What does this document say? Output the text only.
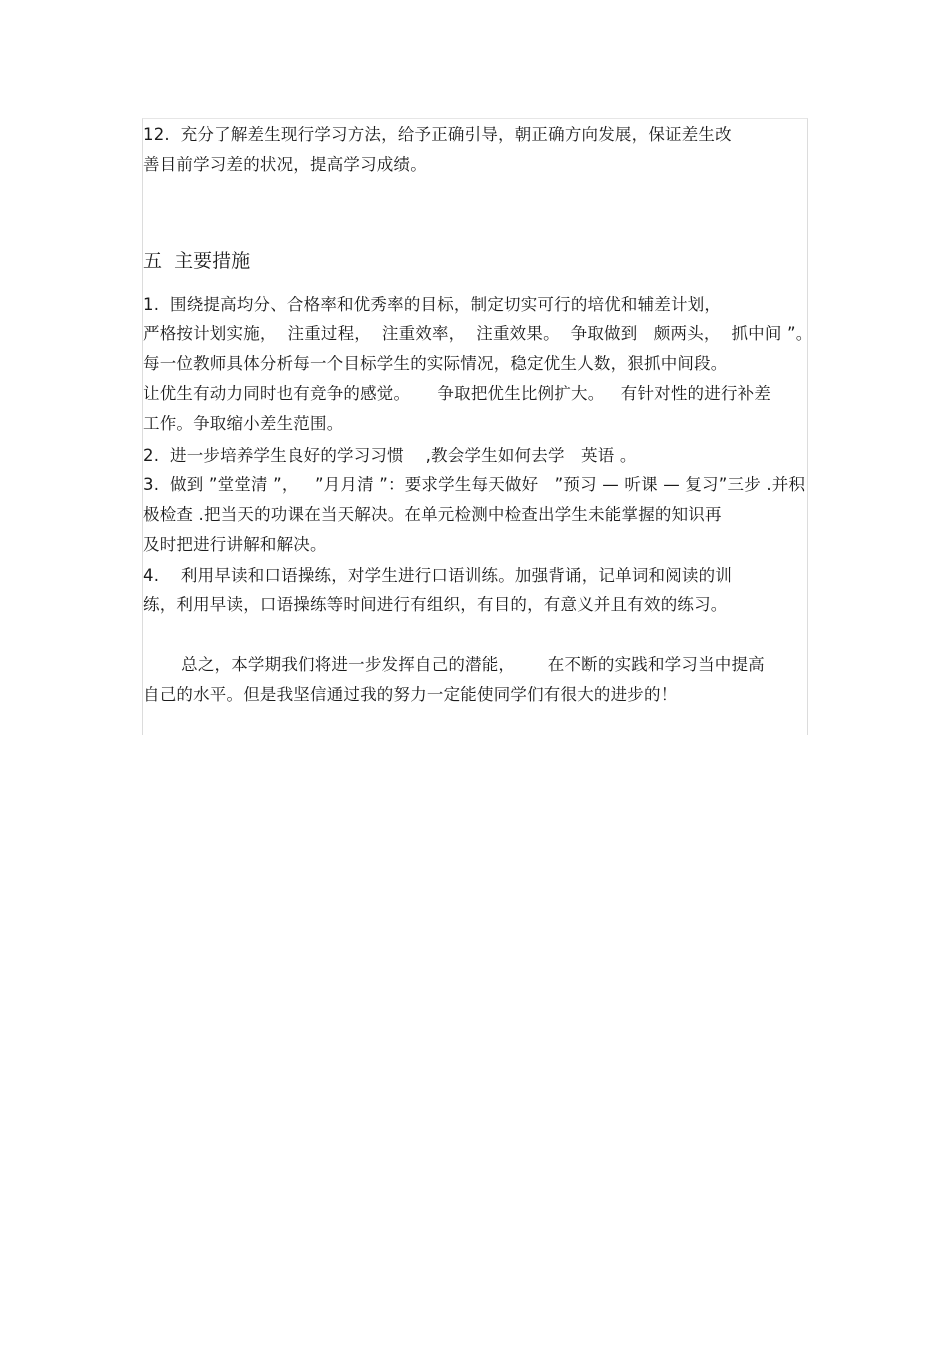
12.  充分了解差生现行学习方法，给予正确引导，朝正确方向发展，保证差生改
善目前学习差的状况，提高学习成绩。
五  主要措施
1.  围绕提高均分、合格率和优秀率的目标，制定切实可行的培优和辅差计划，
严格按计划实施，  注重过程，  注重效率，  注重效果。  争取做到   颇两头，  抓中间 ”。
每一位教师具体分析每一个目标学生的实际情况，稳定优生人数，狠抓中间段。
让优生有动力同时也有竞争的感觉。     争取把优生比例扩大。   有针对性的进行补差
工作。争取缩小差生范围。
2.  进一步培养学生良好的学习习惯    ,教会学生如何去学   英语 。
3.  做到 ”堂堂清 ”，   ”月月清 ”：要求学生每天做好   ”预习 — 听课 — 复习”三步 .并积
极检查 .把当天的功课在当天解决。在单元检测中检查出学生未能掌握的知识再
及时把进行讲解和解决。
4.    利用早读和口语操练，对学生进行口语训练。加强背诵，记单词和阅读的训
练，利用早读，口语操练等时间进行有组织，有目的，有意义并且有效的练习。
总之，本学期我们将进一步发挥自己的潜能，      在不断的实践和学习当中提高
自己的水平。但是我坚信通过我的努力一定能使同学们有很大的进步的！
